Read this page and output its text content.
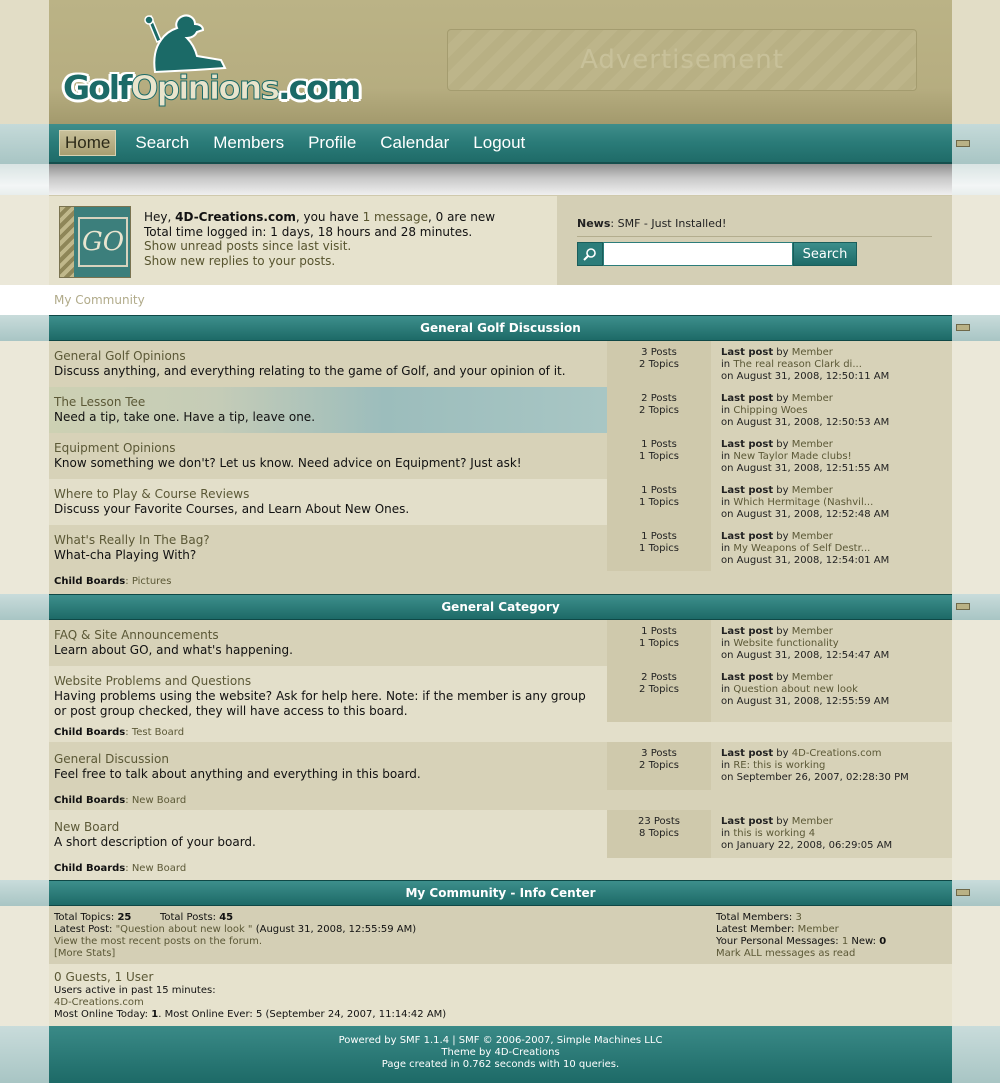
GolfOpinions.com
Advertisement
Home	Search Members Profile Calendar Logout
GO
Hey, 4D-Creations.com, you have 1 message, 0 are new
Total time logged in: 1 days, 18 hours and 28 minutes.
Show unread posts since last visit.
Show new replies to your posts.
News: SMF - Just Installed!
Search
My Community
General Golf Discussion
General Golf Opinions
Discuss anything, and everything relating to the game of Golf, and your opinion of it.
3 Posts
2 Topics
Last post by Member
in The real reason Clark di...
on August 31, 2008, 12:50:11 AM
The Lesson Tee
Need a tip, take one. Have a tip, leave one.
2 Posts
2 Topics
Last post by Member
in Chipping Woes
on August 31, 2008, 12:50:53 AM
Equipment Opinions
Know something we don't? Let us know. Need advice on Equipment? Just ask!
1 Posts
1 Topics
Last post by Member
in New Taylor Made clubs!
on August 31, 2008, 12:51:55 AM
Where to Play & Course Reviews
Discuss your Favorite Courses, and Learn About New Ones.
1 Posts
1 Topics
Last post by Member
in Which Hermitage (Nashvil...
on August 31, 2008, 12:52:48 AM
What's Really In The Bag?
What-cha Playing With?
1 Posts
1 Topics
Last post by Member
in My Weapons of Self Destr...
on August 31, 2008, 12:54:01 AM
Child Boards: Pictures
General Category
FAQ & Site Announcements
Learn about GO, and what's happening.
1 Posts
1 Topics
Last post by Member
in Website functionality
on August 31, 2008, 12:54:47 AM
Website Problems and Questions
Having problems using the website? Ask for help here. Note: if the member is any group or post group checked, they will have access to this board.
2 Posts
2 Topics
Last post by Member
in Question about new look
on August 31, 2008, 12:55:59 AM
Child Boards: Test Board
General Discussion
Feel free to talk about anything and everything in this board.
3 Posts
2 Topics
Last post by 4D-Creations.com
in RE: this is working
on September 26, 2007, 02:28:30 PM
Child Boards: New Board
New Board
A short description of your board.
23 Posts
8 Topics
Last post by Member
in this is working 4
on January 22, 2008, 06:29:05 AM
Child Boards: New Board
My Community - Info Center
Total Topics: 25	Total Posts: 45
Latest Post: "Question about new look " (August 31, 2008, 12:55:59 AM)
View the most recent posts on the forum.
[More Stats]
Total Members: 3
Latest Member: Member
Your Personal Messages: 1 New: 0
Mark ALL messages as read
0 Guests, 1 User
Users active in past 15 minutes:
4D-Creations.com
Most Online Today: 1. Most Online Ever: 5 (September 24, 2007, 11:14:42 AM)
Powered by SMF 1.1.4 | SMF © 2006-2007, Simple Machines LLC
Theme by 4D-Creations
Page created in 0.762 seconds with 10 queries.
